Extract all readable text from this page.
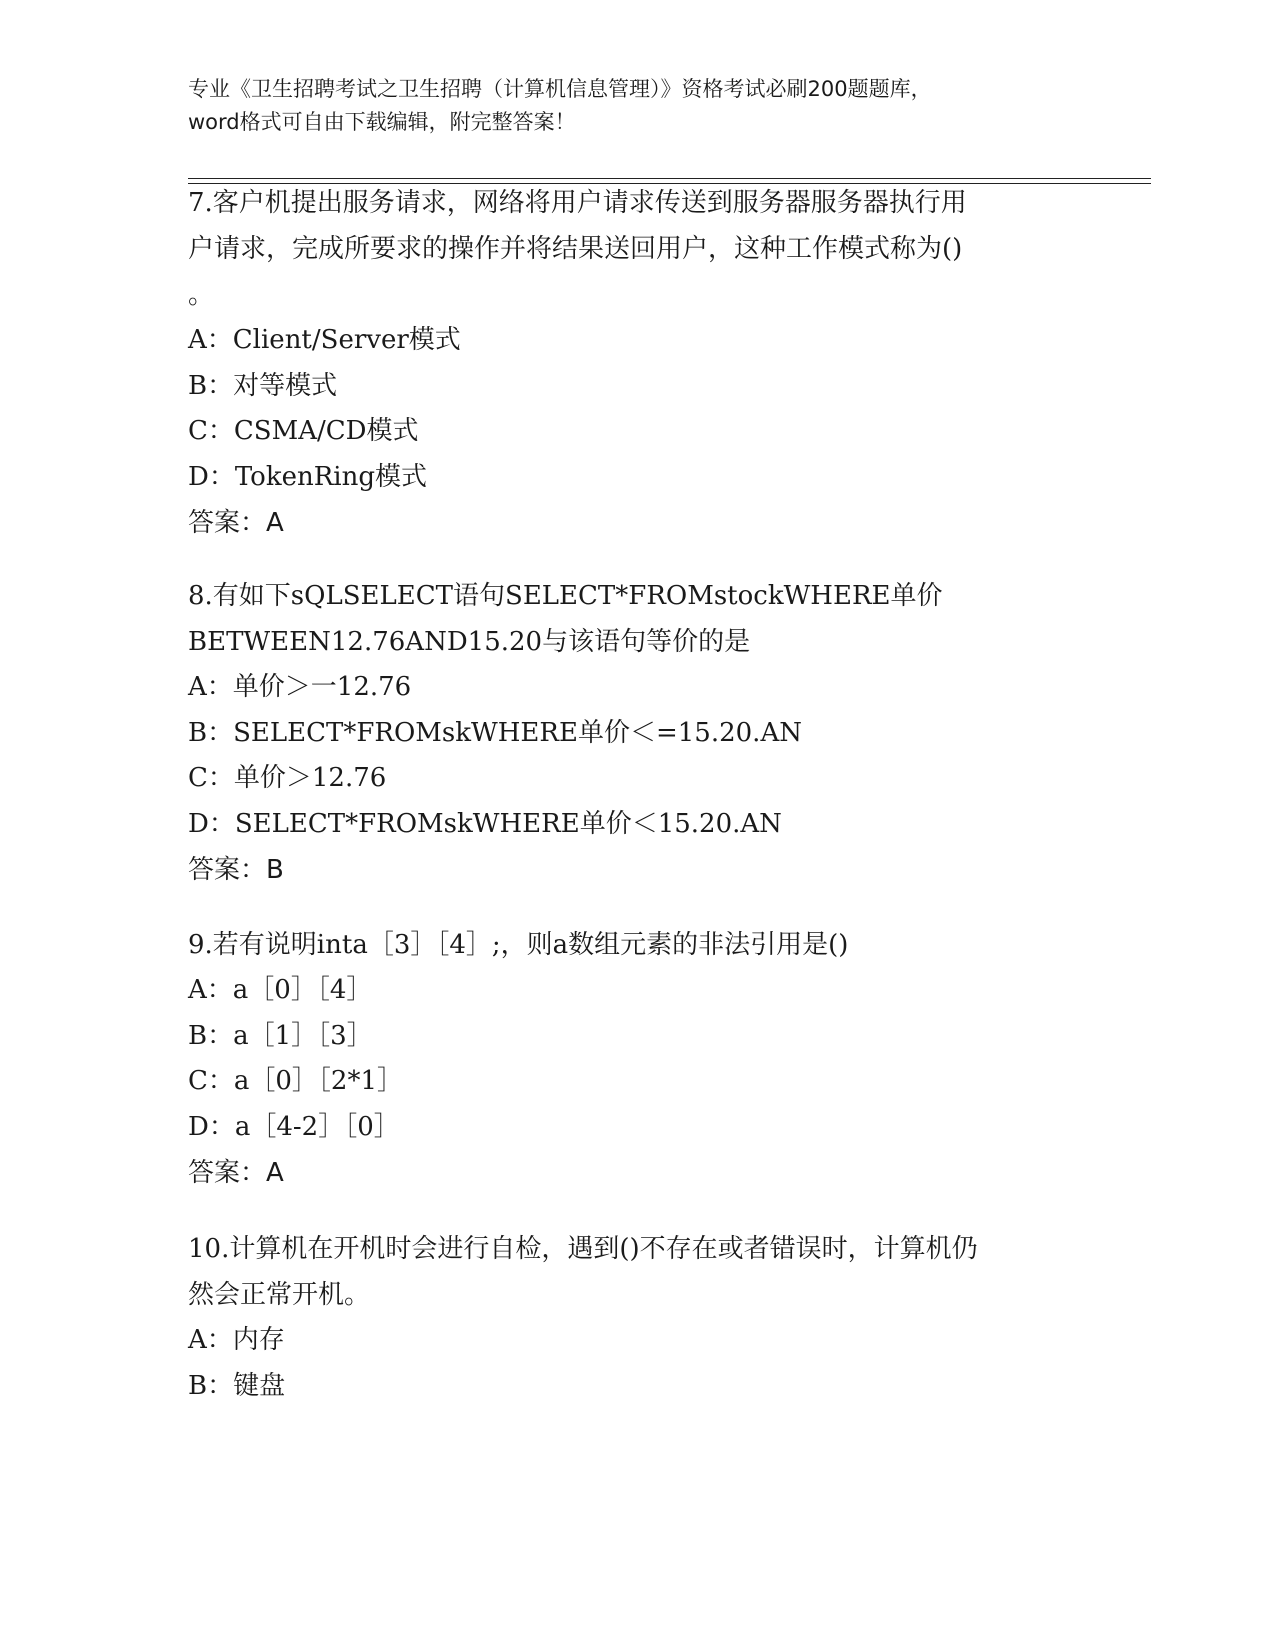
专业《卫生招聘考试之卫生招聘（计算机信息管理）》资格考试必刷200题题库，
word格式可自由下载编辑，附完整答案！
7.客户机提出服务请求，网络将用户请求传送到服务器服务器执行用
户请求，完成所要求的操作并将结果送回用户，这种工作模式称为()
。
A：Client/Server模式
B：对等模式
C：CSMA/CD模式
D：TokenRing模式
答案：A
8.有如下sQLSELECT语句SELECT*FROMstockWHERE单价
BETWEEN12.76AND15.20与该语句等价的是
A：单价＞一12.76
B：SELECT*FROMskWHERE单价＜=15.20.AN
C：单价＞12.76
D：SELECT*FROMskWHERE单价＜15.20.AN
答案：B
9.若有说明inta［3］［4］;，则a数组元素的非法引用是()
A：a［0］［4］
B：a［1］［3］
C：a［0］［2*1］
D：a［4-2］［0］
答案：A
10.计算机在开机时会进行自检，遇到()不存在或者错误时，计算机仍
然会正常开机。
A：内存
B：键盘
